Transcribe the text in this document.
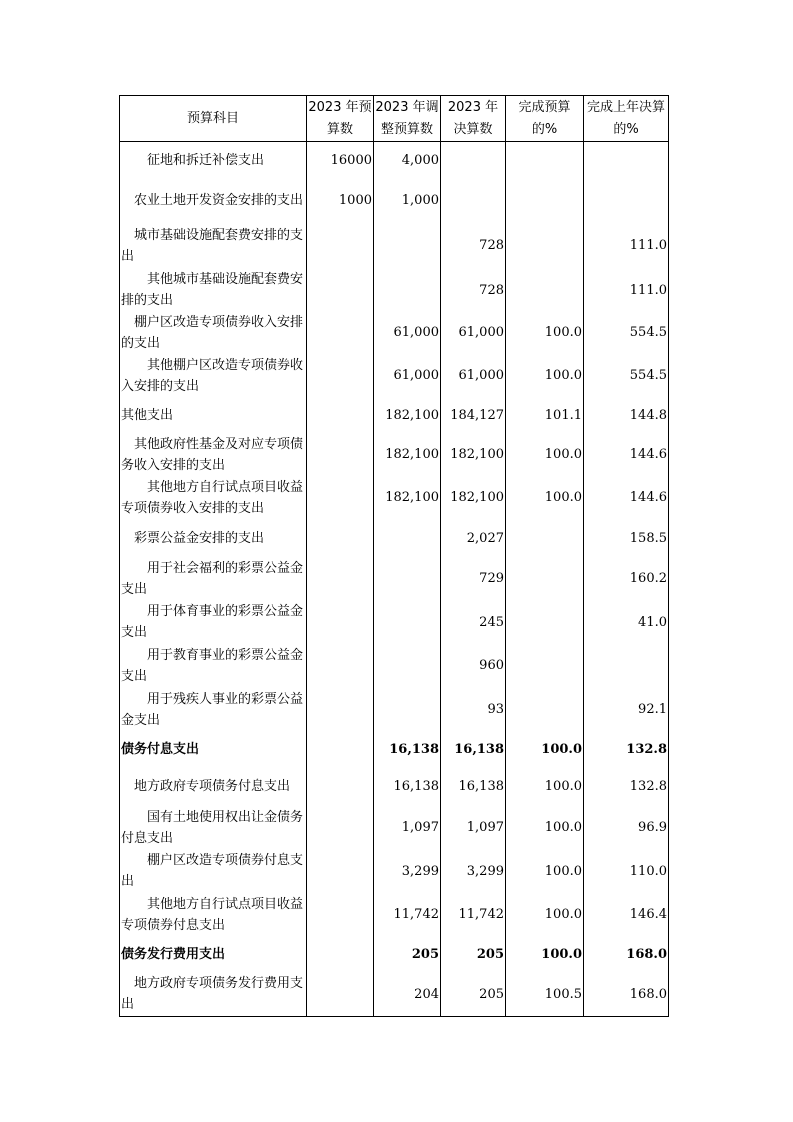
预算科目	2023 年预算数	2023 年调整预算数	2023 年决算数	完成预算的%	完成上年决算的%
征地和拆迁补偿支出	16000	4,000			
农业土地开发资金安排的支出	1000	1,000			
城市基础设施配套费安排的支出			728		111.0
其他城市基础设施配套费安排的支出			728		111.0
棚户区改造专项债券收入安排的支出		61,000	61,000	100.0	554.5
其他棚户区改造专项债券收入安排的支出		61,000	61,000	100.0	554.5
其他支出		182,100	184,127	101.1	144.8
其他政府性基金及对应专项债务收入安排的支出		182,100	182,100	100.0	144.6
其他地方自行试点项目收益专项债券收入安排的支出		182,100	182,100	100.0	144.6
彩票公益金安排的支出			2,027		158.5
用于社会福利的彩票公益金支出			729		160.2
用于体育事业的彩票公益金支出			245		41.0
用于教育事业的彩票公益金支出			960		
用于残疾人事业的彩票公益金支出			93		92.1
债务付息支出		16,138	16,138	100.0	132.8
地方政府专项债务付息支出		16,138	16,138	100.0	132.8
国有土地使用权出让金债务付息支出		1,097	1,097	100.0	96.9
棚户区改造专项债券付息支出		3,299	3,299	100.0	110.0
其他地方自行试点项目收益专项债券付息支出		11,742	11,742	100.0	146.4
债务发行费用支出		205	205	100.0	168.0
地方政府专项债务发行费用支出		204	205	100.5	168.0
